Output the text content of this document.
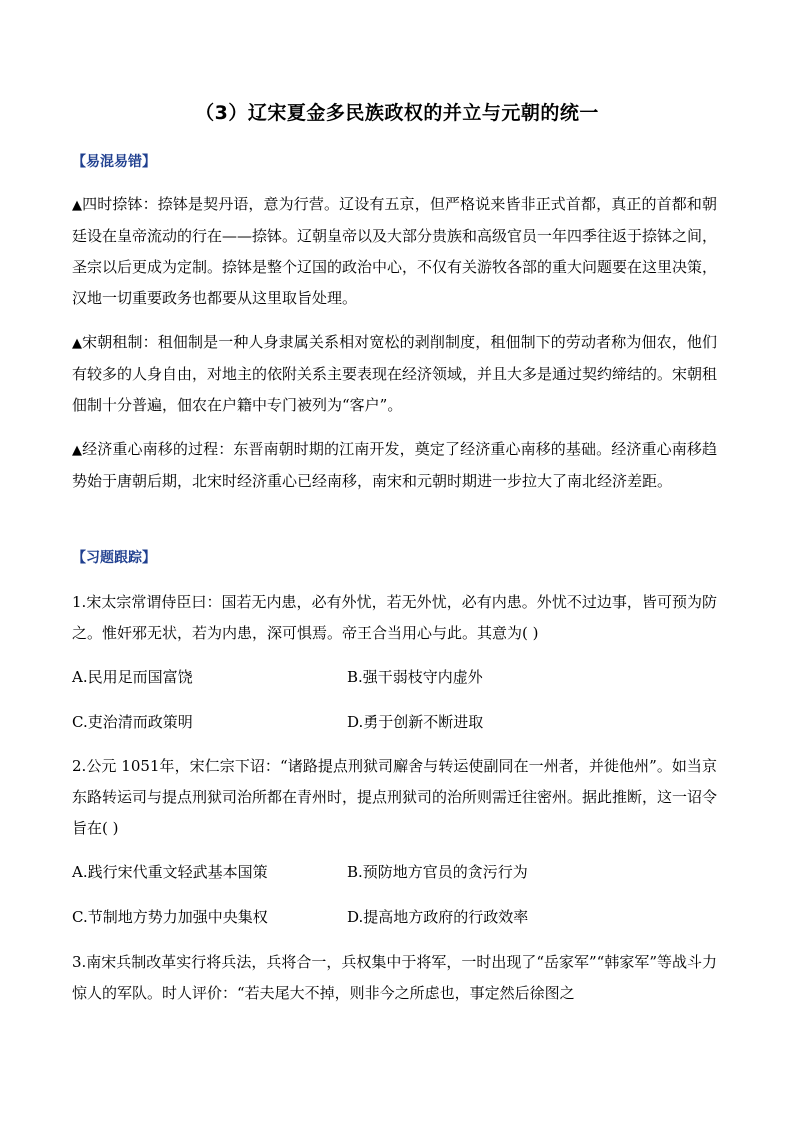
（3）辽宋夏金多民族政权的并立与元朝的统一
【易混易错】
▲四时捺钵：捺钵是契丹语，意为行营。辽设有五京，但严格说来皆非正式首都，真正的首都和朝廷设在皇帝流动的行在——捺钵。辽朝皇帝以及大部分贵族和高级官员一年四季往返于捺钵之间，圣宗以后更成为定制。捺钵是整个辽国的政治中心，不仅有关游牧各部的重大问题要在这里决策，汉地一切重要政务也都要从这里取旨处理。
▲宋朝租制：租佃制是一种人身隶属关系相对宽松的剥削制度，租佃制下的劳动者称为佃农，他们有较多的人身自由，对地主的依附关系主要表现在经济领域，并且大多是通过契约缔结的。宋朝租佃制十分普遍，佃农在户籍中专门被列为“客户”。
▲经济重心南移的过程：东晋南朝时期的江南开发，奠定了经济重心南移的基础。经济重心南移趋势始于唐朝后期，北宋时经济重心已经南移，南宋和元朝时期进一步拉大了南北经济差距。
【习题跟踪】
1.宋太宗常谓侍臣曰：国若无内患，必有外忧，若无外忧，必有内患。外忧不过边事，皆可预为防之。惟奸邪无状，若为内患，深可惧焉。帝王合当用心与此。其意为( )
A.民用足而国富饶	B.强干弱枝守内虚外
C.吏治清而政策明	D.勇于创新不断进取
2.公元 1051年，宋仁宗下诏：“诸路提点刑狱司廨舍与转运使副同在一州者，并徙他州”。如当京东路转运司与提点刑狱司治所都在青州时，提点刑狱司的治所则需迁往密州。据此推断，这一诏令旨在( )
A.践行宋代重文轻武基本国策	B.预防地方官员的贪污行为
C.节制地方势力加强中央集权	D.提高地方政府的行政效率
3.南宋兵制改革实行将兵法，兵将合一，兵权集中于将军，一时出现了“岳家军”“韩家军”等战斗力惊人的军队。时人评价：“若夫尾大不掉，则非今之所虑也，事定然后徐图之
